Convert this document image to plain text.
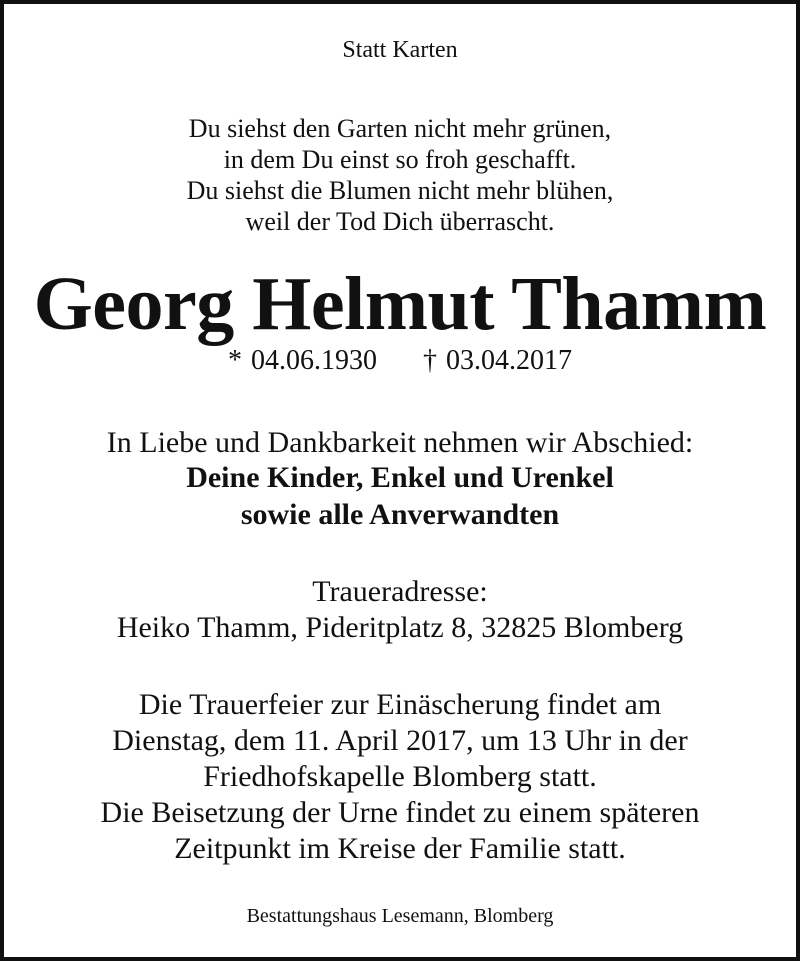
Statt Karten
Du siehst den Garten nicht mehr grünen,
in dem Du einst so froh geschafft.
Du siehst die Blumen nicht mehr blühen,
weil der Tod Dich überrascht.
Georg Helmut Thamm
* 04.06.1930 † 03.04.2017
In Liebe und Dankbarkeit nehmen wir Abschied:
Deine Kinder, Enkel und Urenkel
sowie alle Anverwandten
Traueradresse:
Heiko Thamm, Pideritplatz 8, 32825 Blomberg
Die Trauerfeier zur Einäscherung findet am
Dienstag, dem 11. April 2017, um 13 Uhr in der
Friedhofskapelle Blomberg statt.
Die Beisetzung der Urne findet zu einem späteren
Zeitpunkt im Kreise der Familie statt.
Bestattungshaus Lesemann, Blomberg
